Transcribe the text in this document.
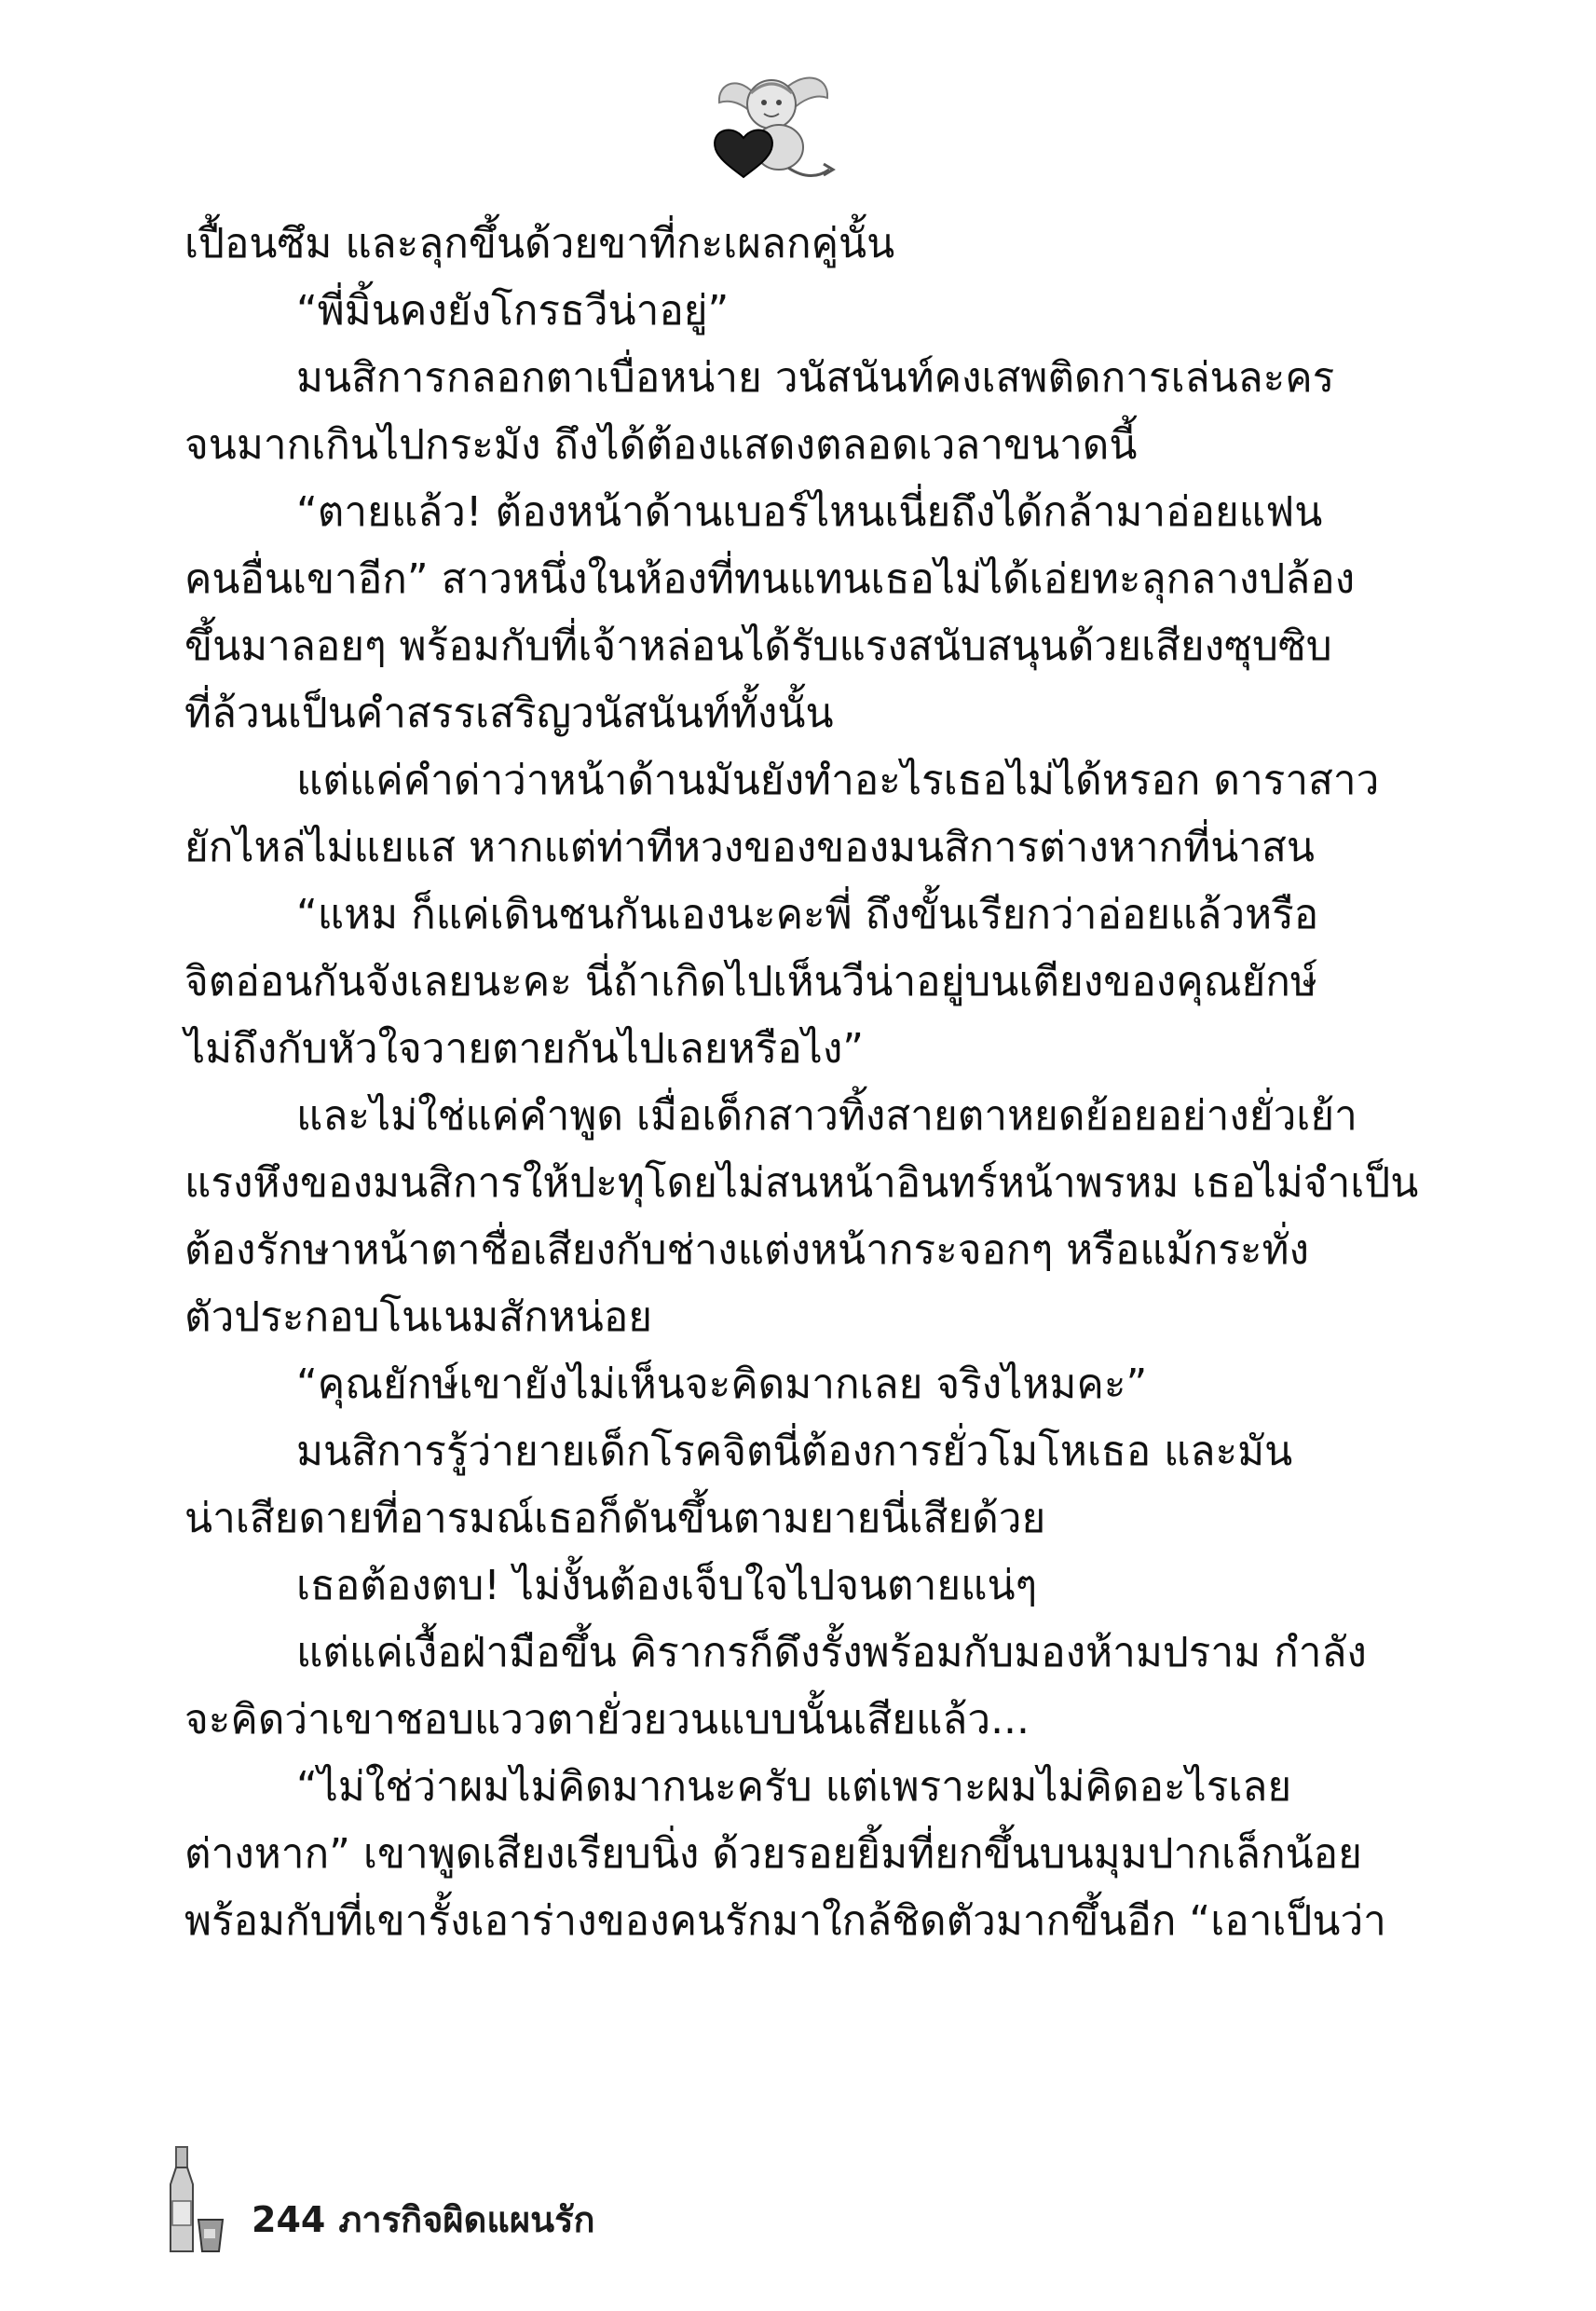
เปื้อนซึม และลุกขึ้นด้วยขาที่กะเผลกคู่นั้น
“พี่มิ้นคงยังโกรธวีน่าอยู่”
มนสิการกลอกตาเบื่อหน่าย วนัสนันท์คงเสพติดการเล่นละคร
จนมากเกินไปกระมัง ถึงได้ต้องแสดงตลอดเวลาขนาดนี้
“ตายแล้ว! ต้องหน้าด้านเบอร์ไหนเนี่ยถึงได้กล้ามาอ่อยแฟน
คนอื่นเขาอีก” สาวหนึ่งในห้องที่ทนแทนเธอไม่ได้เอ่ยทะลุกลางปล้อง
ขึ้นมาลอยๆ พร้อมกับที่เจ้าหล่อนได้รับแรงสนับสนุนด้วยเสียงซุบซิบ
ที่ล้วนเป็นคำสรรเสริญวนัสนันท์ทั้งนั้น
แต่แค่คำด่าว่าหน้าด้านมันยังทำอะไรเธอไม่ได้หรอก ดาราสาว
ยักไหล่ไม่แยแส หากแต่ท่าทีหวงของของมนสิการต่างหากที่น่าสน
“แหม ก็แค่เดินชนกันเองนะคะพี่ ถึงขั้นเรียกว่าอ่อยแล้วหรือ
จิตอ่อนกันจังเลยนะคะ นี่ถ้าเกิดไปเห็นวีน่าอยู่บนเตียงของคุณยักษ์
ไม่ถึงกับหัวใจวายตายกันไปเลยหรือไง”
และไม่ใช่แค่คำพูด เมื่อเด็กสาวทิ้งสายตาหยดย้อยอย่างยั่วเย้า
แรงหึงของมนสิการให้ปะทุโดยไม่สนหน้าอินทร์หน้าพรหม เธอไม่จำเป็น
ต้องรักษาหน้าตาชื่อเสียงกับช่างแต่งหน้ากระจอกๆ หรือแม้กระทั่ง
ตัวประกอบโนเนมสักหน่อย
“คุณยักษ์เขายังไม่เห็นจะคิดมากเลย จริงไหมคะ”
มนสิการรู้ว่ายายเด็กโรคจิตนี่ต้องการยั่วโมโหเธอ และมัน
น่าเสียดายที่อารมณ์เธอก็ดันขึ้นตามยายนี่เสียด้วย
เธอต้องตบ! ไม่งั้นต้องเจ็บใจไปจนตายแน่ๆ
แต่แค่เงื้อฝ่ามือขึ้น คิรากรก็ดึงรั้งพร้อมกับมองห้ามปราม กำลัง
จะคิดว่าเขาชอบแววตายั่วยวนแบบนั้นเสียแล้ว...
“ไม่ใช่ว่าผมไม่คิดมากนะครับ แต่เพราะผมไม่คิดอะไรเลย
ต่างหาก” เขาพูดเสียงเรียบนิ่ง ด้วยรอยยิ้มที่ยกขึ้นบนมุมปากเล็กน้อย
พร้อมกับที่เขารั้งเอาร่างของคนรักมาใกล้ชิดตัวมากขึ้นอีก “เอาเป็นว่า
244 ภารกิจผิดแผนรัก
